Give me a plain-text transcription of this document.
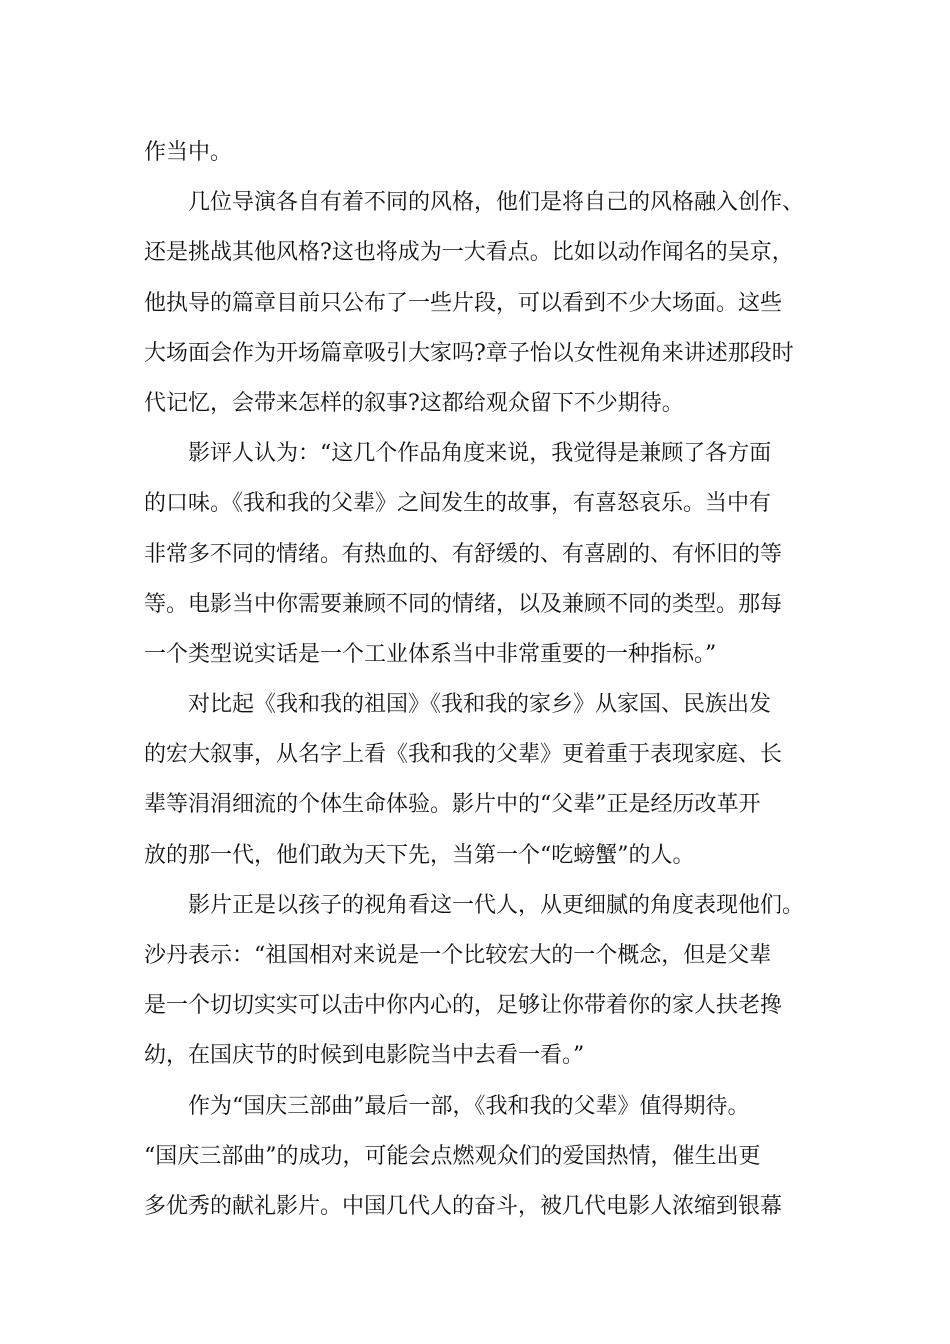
作当中。
几位导演各自有着不同的风格，他们是将自己的风格融入创作、
还是挑战其他风格?这也将成为一大看点。比如以动作闻名的吴京，
他执导的篇章目前只公布了一些片段，可以看到不少大场面。这些
大场面会作为开场篇章吸引大家吗?章子怡以女性视角来讲述那段时
代记忆，会带来怎样的叙事?这都给观众留下不少期待。
影评人认为：“这几个作品角度来说，我觉得是兼顾了各方面
的口味。《我和我的父辈》之间发生的故事，有喜怒哀乐。当中有
非常多不同的情绪。有热血的、有舒缓的、有喜剧的、有怀旧的等
等。电影当中你需要兼顾不同的情绪，以及兼顾不同的类型。那每
一个类型说实话是一个工业体系当中非常重要的一种指标。”
对比起《我和我的祖国》《我和我的家乡》从家国、民族出发
的宏大叙事，从名字上看《我和我的父辈》更着重于表现家庭、长
辈等涓涓细流的个体生命体验。影片中的“父辈”正是经历改革开
放的那一代，他们敢为天下先，当第一个“吃螃蟹”的人。
影片正是以孩子的视角看这一代人，从更细腻的角度表现他们。
沙丹表示：“祖国相对来说是一个比较宏大的一个概念，但是父辈
是一个切切实实可以击中你内心的，足够让你带着你的家人扶老搀
幼，在国庆节的时候到电影院当中去看一看。”
作为“国庆三部曲”最后一部，《我和我的父辈》值得期待。
“国庆三部曲”的成功，可能会点燃观众们的爱国热情，催生出更
多优秀的献礼影片。中国几代人的奋斗，被几代电影人浓缩到银幕
